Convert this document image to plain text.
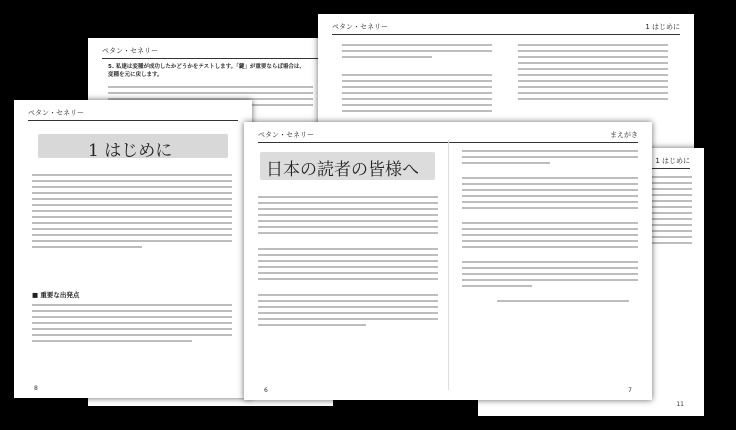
ペタン・セネリー
5. 私達は変種が成功したかどうかをテストします。「鍵」が重要ならば場合は、変種を元に戻します。
ペタン・セネリー	1 はじめに
ペタン・セネリー
1 はじめに
■ 重要な出発点
8
1 はじめに
11
ペタン・セネリー	まえがき
日本の読者の皆様へ
6	7
